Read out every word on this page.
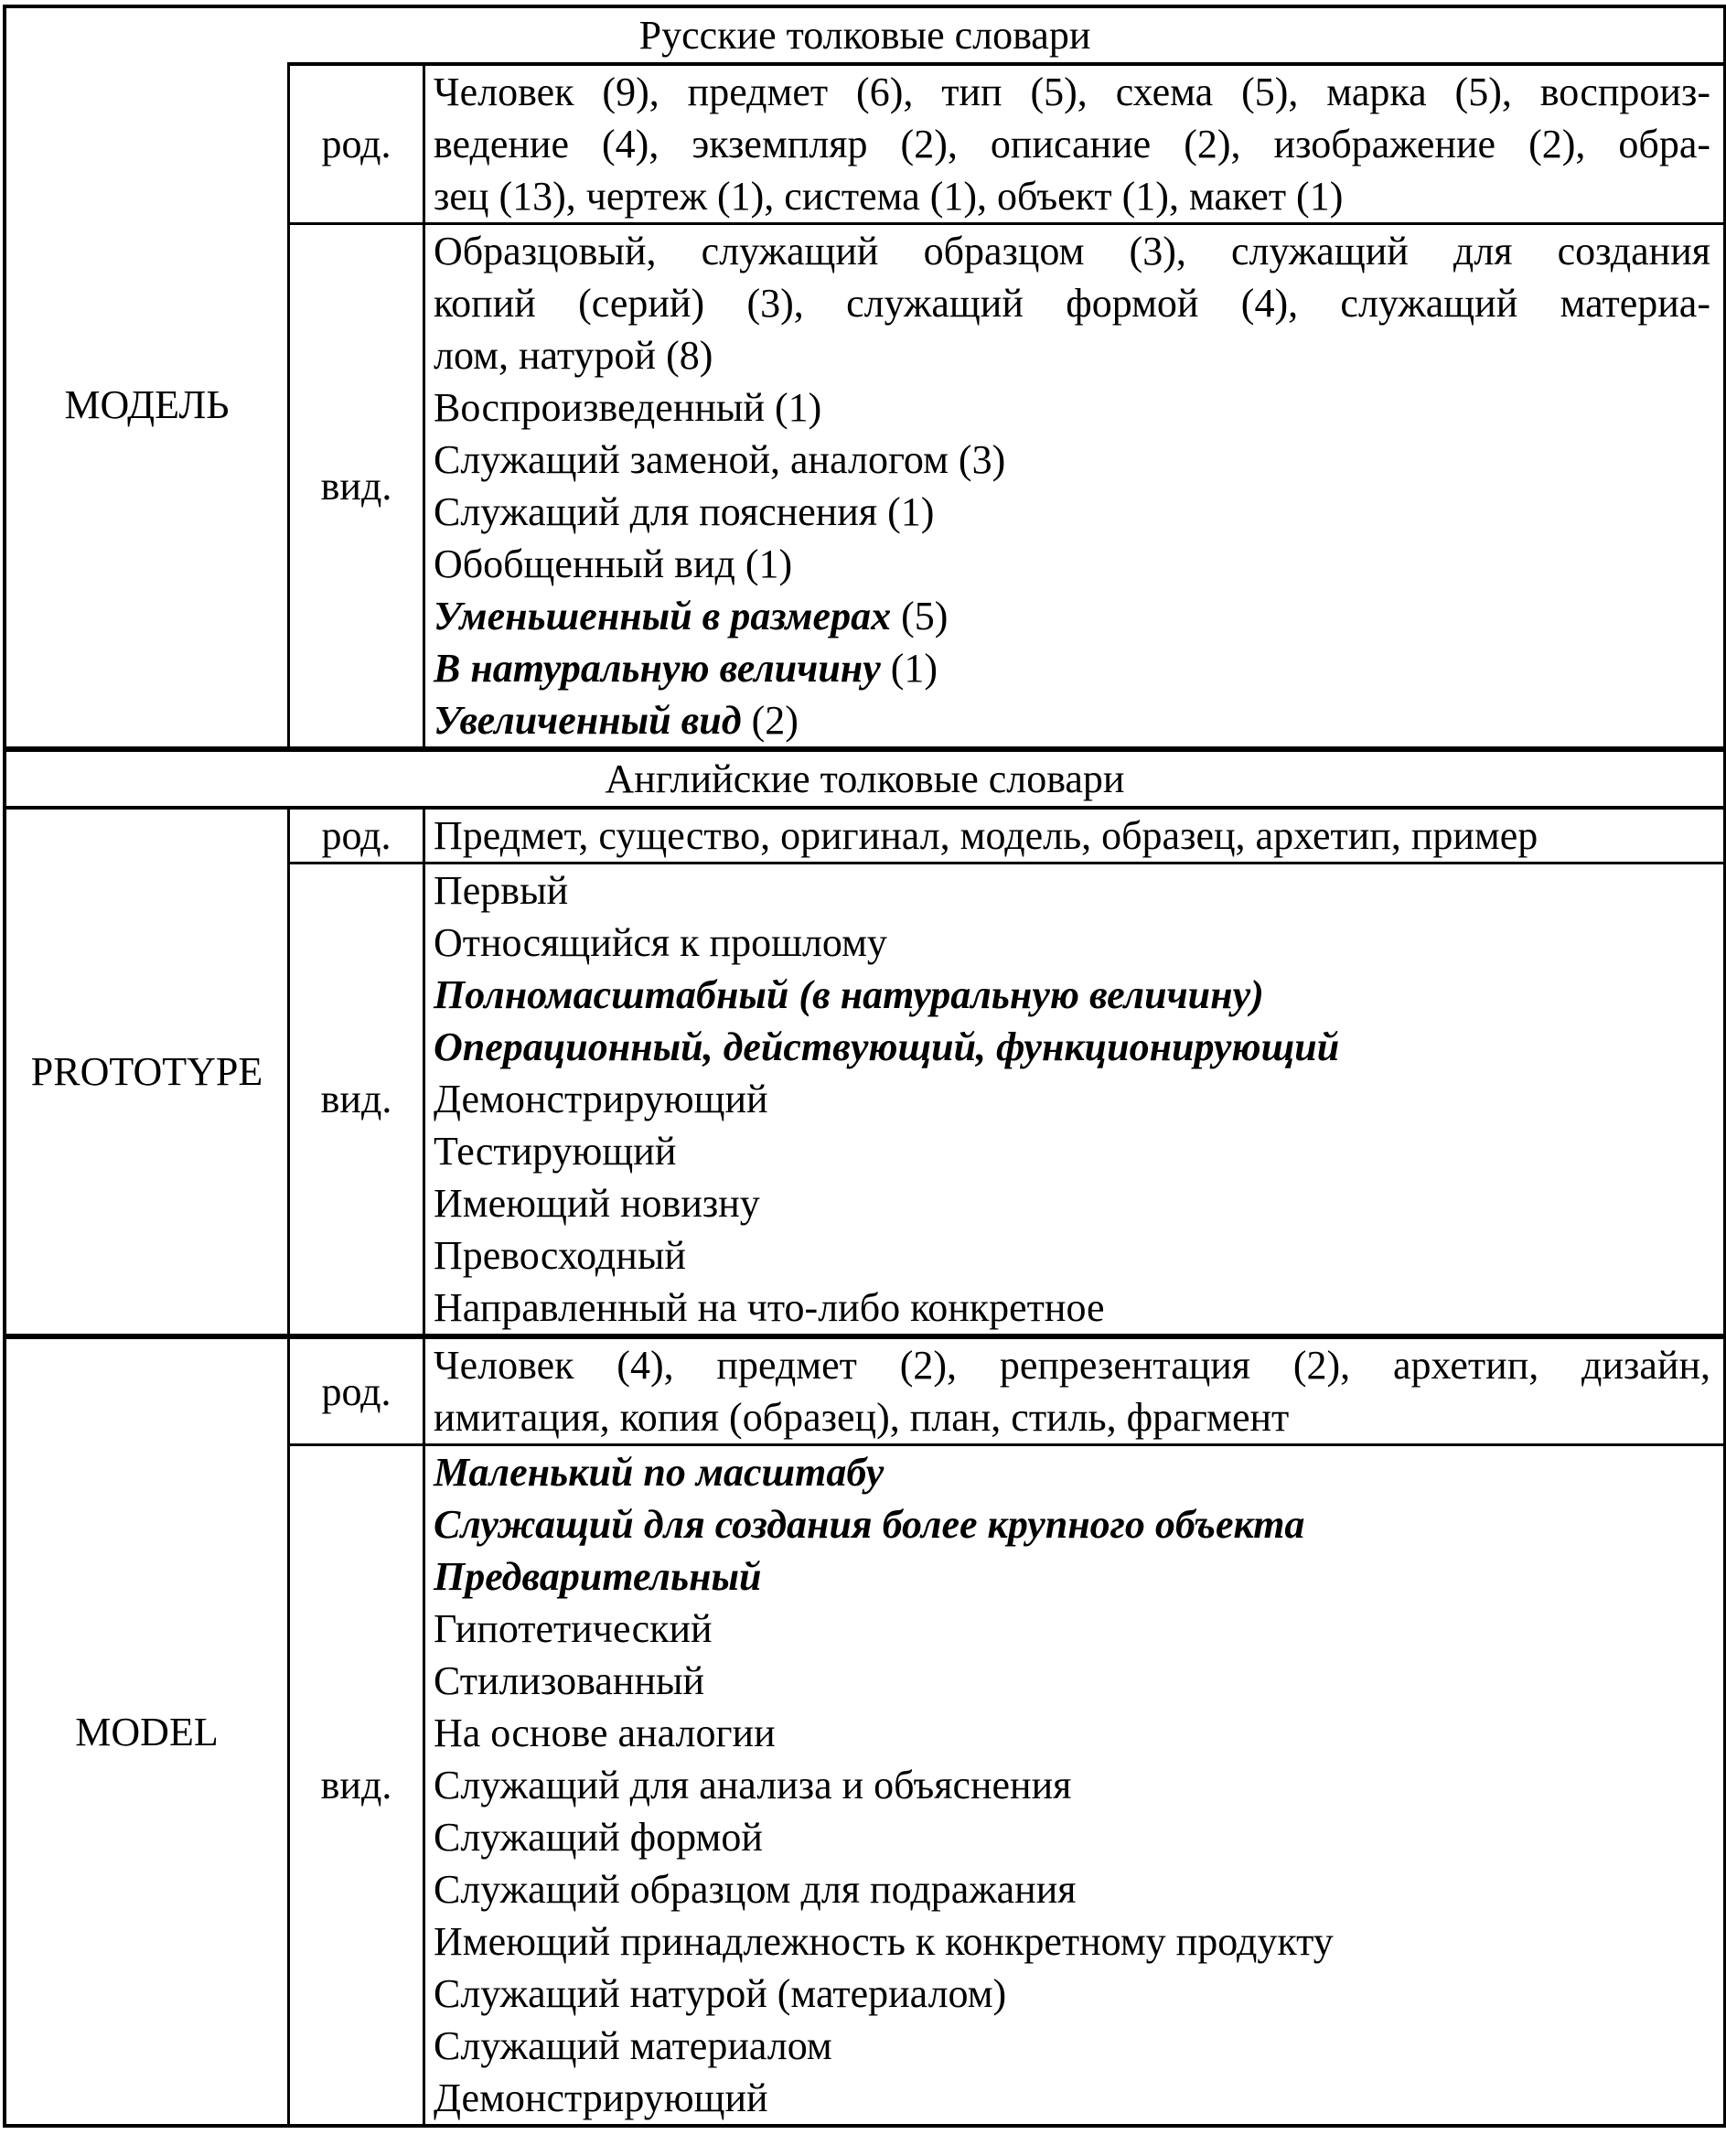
Русские толковые словари
МОДЕЛЬ
род.
Человек (9), предмет (6), тип (5), схема (5), марка (5), воспроиз-
ведение (4), экземпляр (2), описание (2), изображение (2), обра-
зец (13), чертеж (1), система (1), объект (1), макет (1)
вид.
Образцовый, служащий образцом (3), служащий для создания
копий (серий) (3), служащий формой (4), служащий материа-
лом, натурой (8)
Воспроизведенный (1)
Служащий заменой, аналогом (3)
Служащий для пояснения (1)
Обобщенный вид (1)
Уменьшенный в размерах (5)
В натуральную величину (1)
Увеличенный вид (2)
Английские толковые словари
PROTOTYPE
род.	Предмет, существо, оригинал, модель, образец, архетип, пример
вид.
Первый
Относящийся к прошлому
Полномасштабный (в натуральную величину)
Операционный, действующий, функционирующий
Демонстрирующий
Тестирующий
Имеющий новизну
Превосходный
Направленный на что-либо конкретное
MODEL
род.
Человек (4), предмет (2), репрезентация (2), архетип, дизайн,
имитация, копия (образец), план, стиль, фрагмент
вид.
Маленький по масштабу
Служащий для создания более крупного объекта
Предварительный
Гипотетический
Стилизованный
На основе аналогии
Служащий для анализа и объяснения
Служащий формой
Служащий образцом для подражания
Имеющий принадлежность к конкретному продукту
Служащий натурой (материалом)
Служащий материалом
Демонстрирующий
